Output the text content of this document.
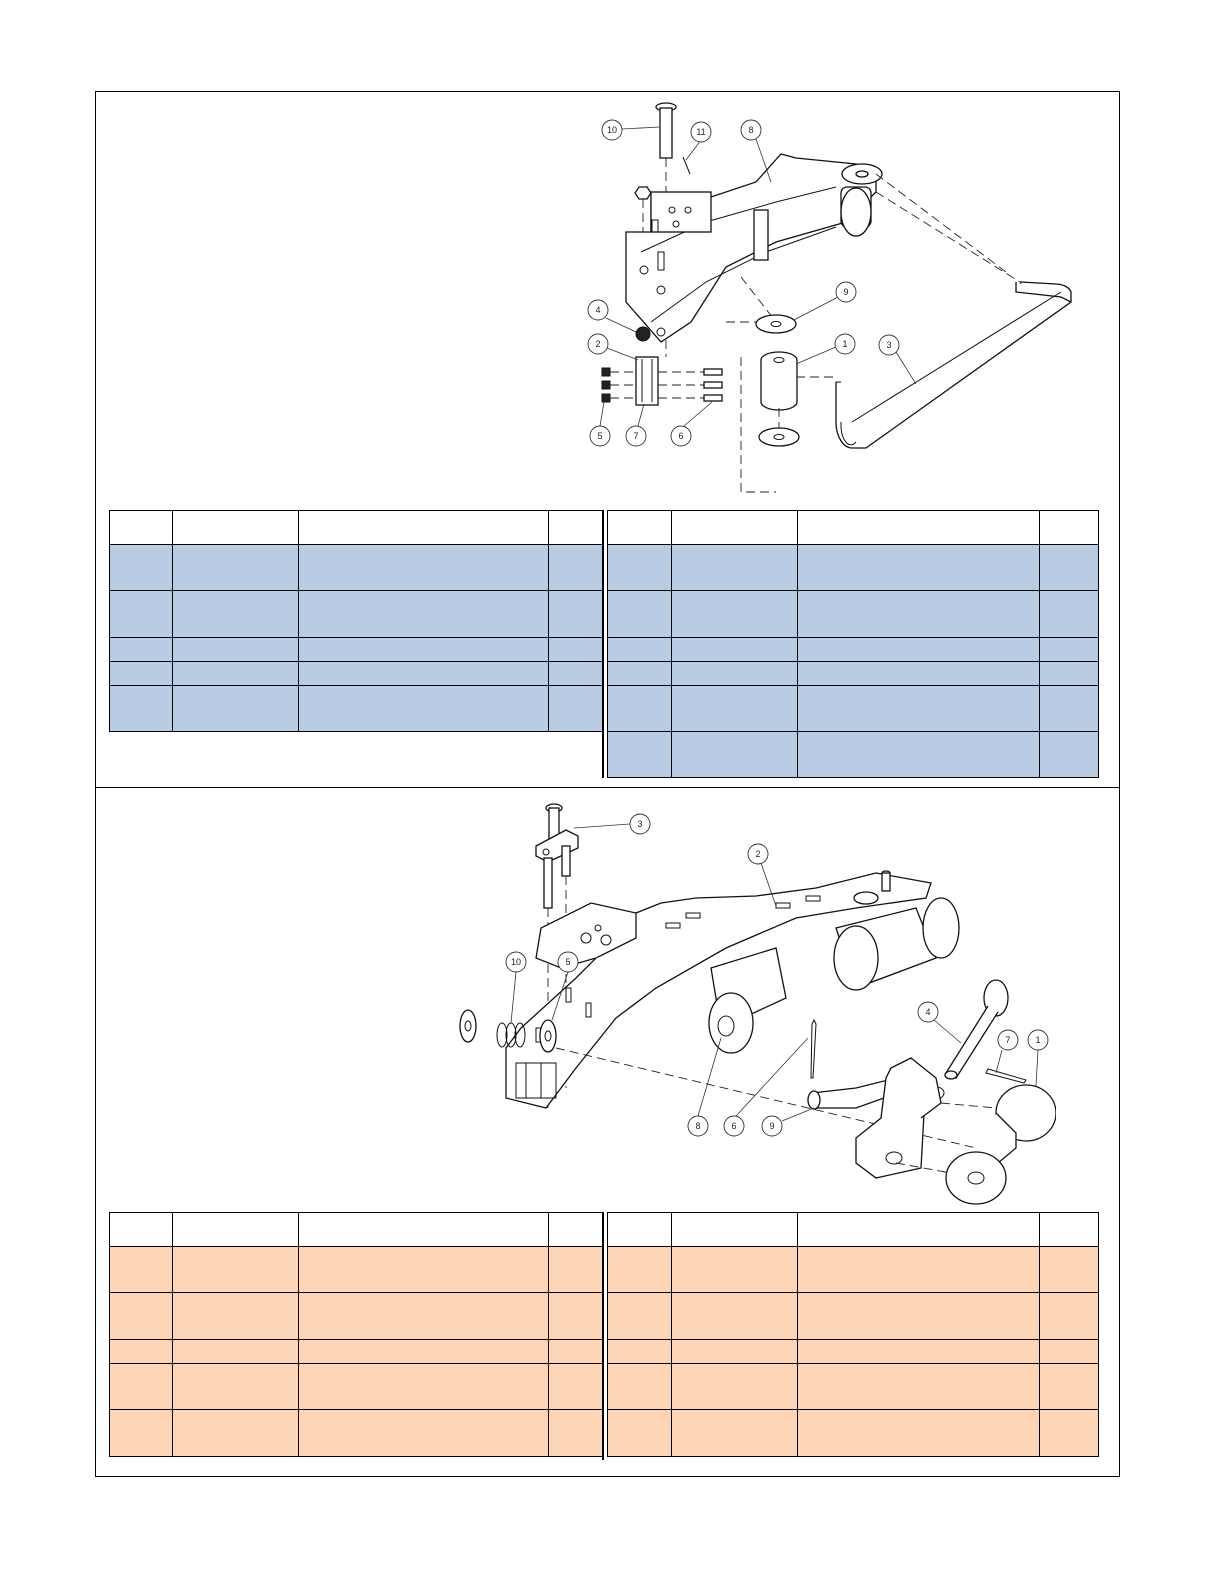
10	11	8
9
4
2	1	3
5	7	6

3
2
10	5
4
7	1
8	6	9
